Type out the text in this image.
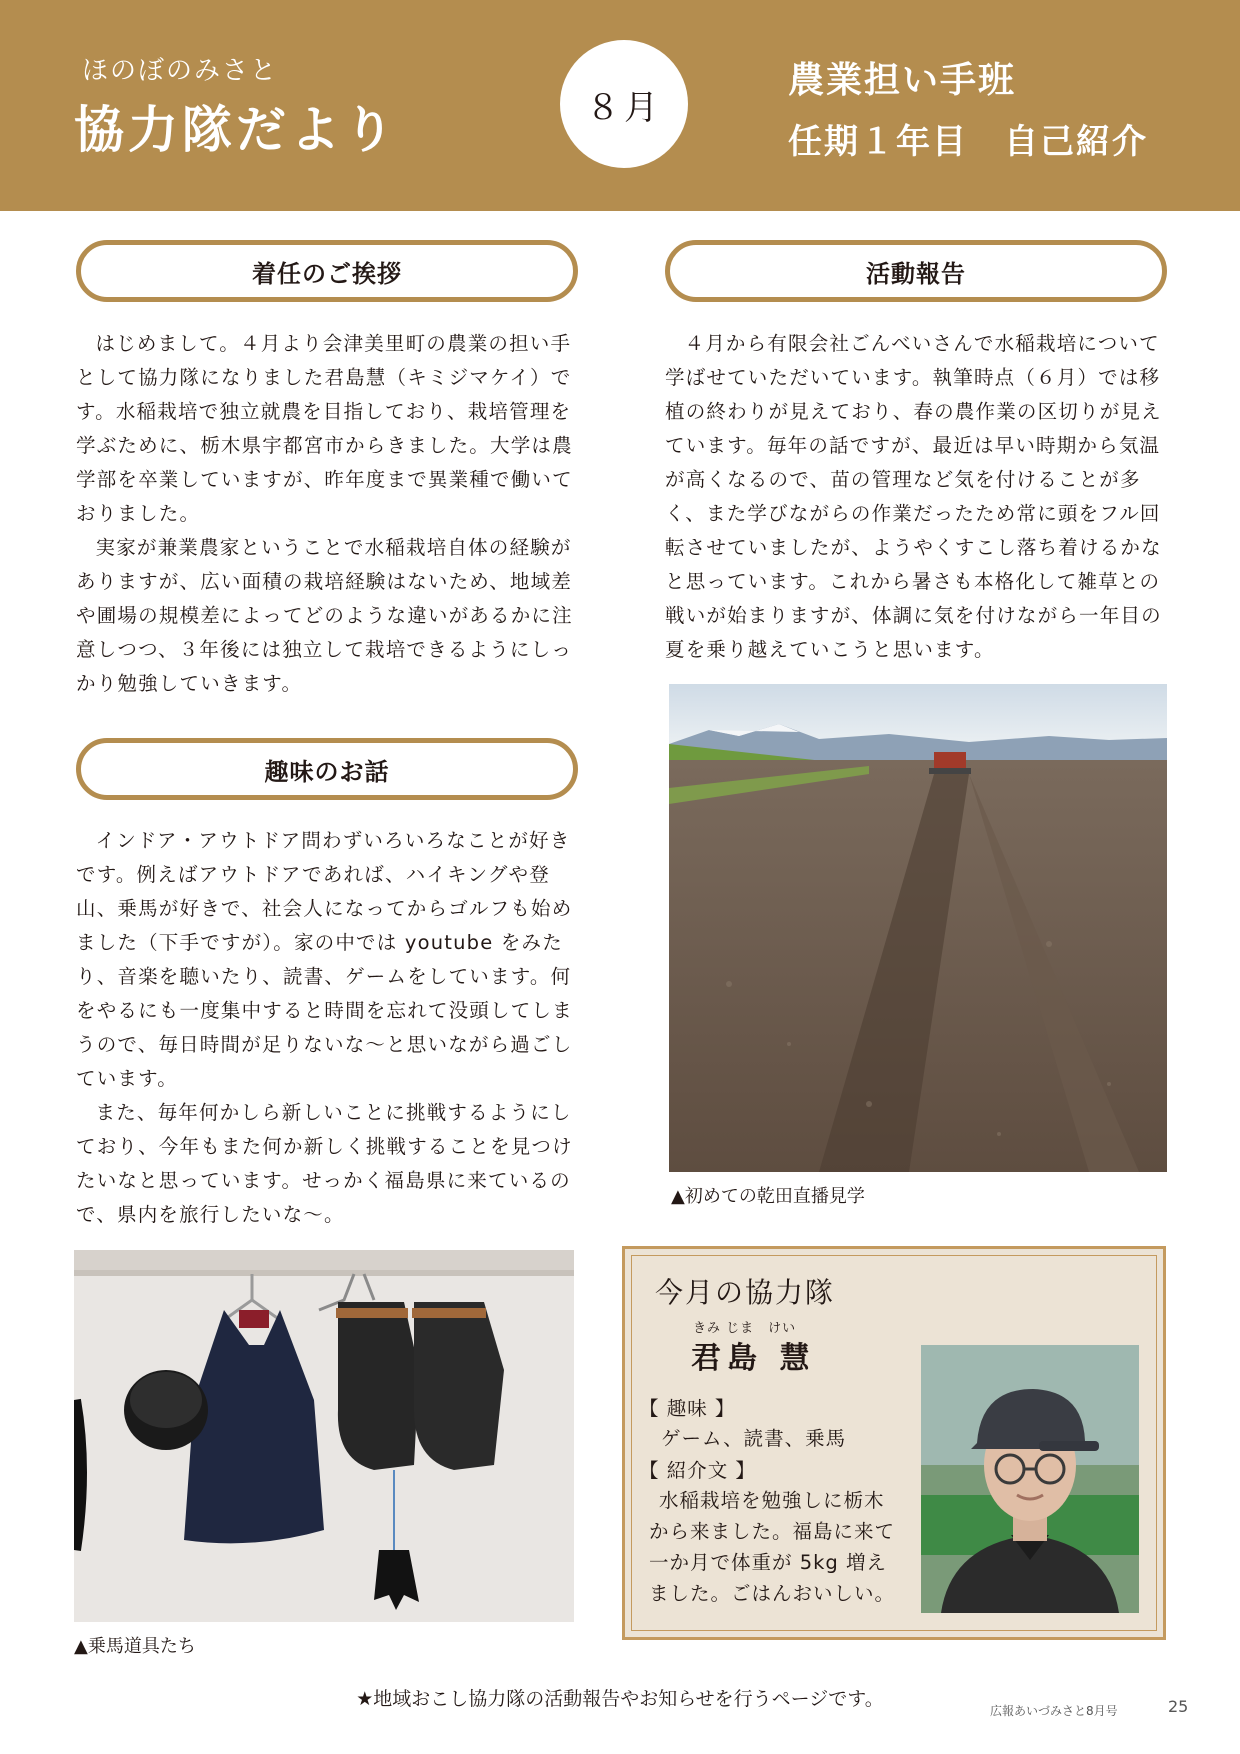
ほのぼのみさと
協力隊だより	８月
農業担い手班
任期１年目　自己紹介
着任のご挨拶

はじめまして。４月より会津美里町の農業の担い手として協力隊になりました君島慧（キミジマケイ）です。水稲栽培で独立就農を目指しており、栽培管理を学ぶために、栃木県宇都宮市からきました。大学は農学部を卒業していますが、昨年度まで異業種で働いておりました。

実家が兼業農家ということで水稲栽培自体の経験がありますが、広い面積の栽培経験はないため、地域差や圃場の規模差によってどのような違いがあるかに注意しつつ、３年後には独立して栽培できるようにしっかり勉強していきます。

趣味のお話

インドア・アウトドア問わずいろいろなことが好きです。例えばアウトドアであれば、ハイキングや登山、乗馬が好きで、社会人になってからゴルフも始めました（下手ですが）。家の中では youtube をみたり、音楽を聴いたり、読書、ゲームをしています。何をやるにも一度集中すると時間を忘れて没頭してしまうので、毎日時間が足りないな～と思いながら過ごしています。

また、毎年何かしら新しいことに挑戦するようにしており、今年もまた何か新しく挑戦することを見つけたいなと思っています。せっかく福島県に来ているので、県内を旅行したいな～。

▲乗馬道具たち
活動報告

４月から有限会社ごんべいさんで水稲栽培について学ばせていただいています。執筆時点（６月）では移植の終わりが見えており、春の農作業の区切りが見えています。毎年の話ですが、最近は早い時期から気温が高くなるので、苗の管理など気を付けることが多く、また学びながらの作業だったため常に頭をフル回転させていましたが、ようやくすこし落ち着けるかなと思っています。これから暑さも本格化して雑草との戦いが始まりますが、体調に気を付けながら一年目の夏を乗り越えていこうと思います。

▲初めての乾田直播見学
今月の協力隊
きみ じま　けい
君島 慧
【 趣味 】
ゲーム、読書、乗馬
【 紹介文 】
水稲栽培を勉強しに栃木
から来ました。福島に来て
一か月で体重が 5kg 増え
ました。ごはんおいしい。
★地域おこし協力隊の活動報告やお知らせを行うページです。
広報あいづみさと8月号	25
